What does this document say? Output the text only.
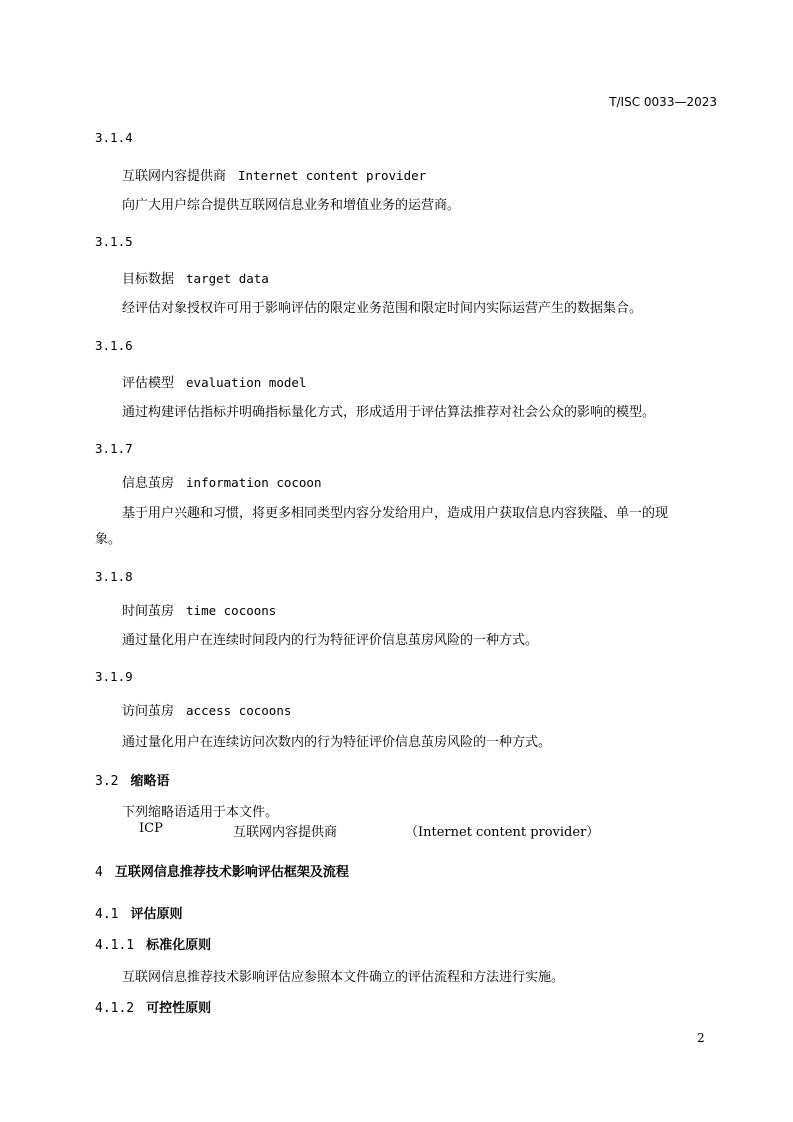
T/ISC 0033—2023
3.1.4
互联网内容提供商 Internet content provider
向广大用户综合提供互联网信息业务和增值业务的运营商。
3.1.5
目标数据 target data
经评估对象授权许可用于影响评估的限定业务范围和限定时间内实际运营产生的数据集合。
3.1.6
评估模型 evaluation model
通过构建评估指标并明确指标量化方式，形成适用于评估算法推荐对社会公众的影响的模型。
3.1.7
信息茧房 information cocoon
基于用户兴趣和习惯，将更多相同类型内容分发给用户，造成用户获取信息内容狭隘、单一的现
象。
3.1.8
时间茧房 time cocoons
通过量化用户在连续时间段内的行为特征评价信息茧房风险的一种方式。
3.1.9
访问茧房 access cocoons
通过量化用户在连续访问次数内的行为特征评价信息茧房风险的一种方式。
3.2 缩略语
下列缩略语适用于本文件。
ICP	互联网内容提供商	（Internet content provider）
4 互联网信息推荐技术影响评估框架及流程
4.1 评估原则
4.1.1 标准化原则
互联网信息推荐技术影响评估应参照本文件确立的评估流程和方法进行实施。
4.1.2 可控性原则
2
